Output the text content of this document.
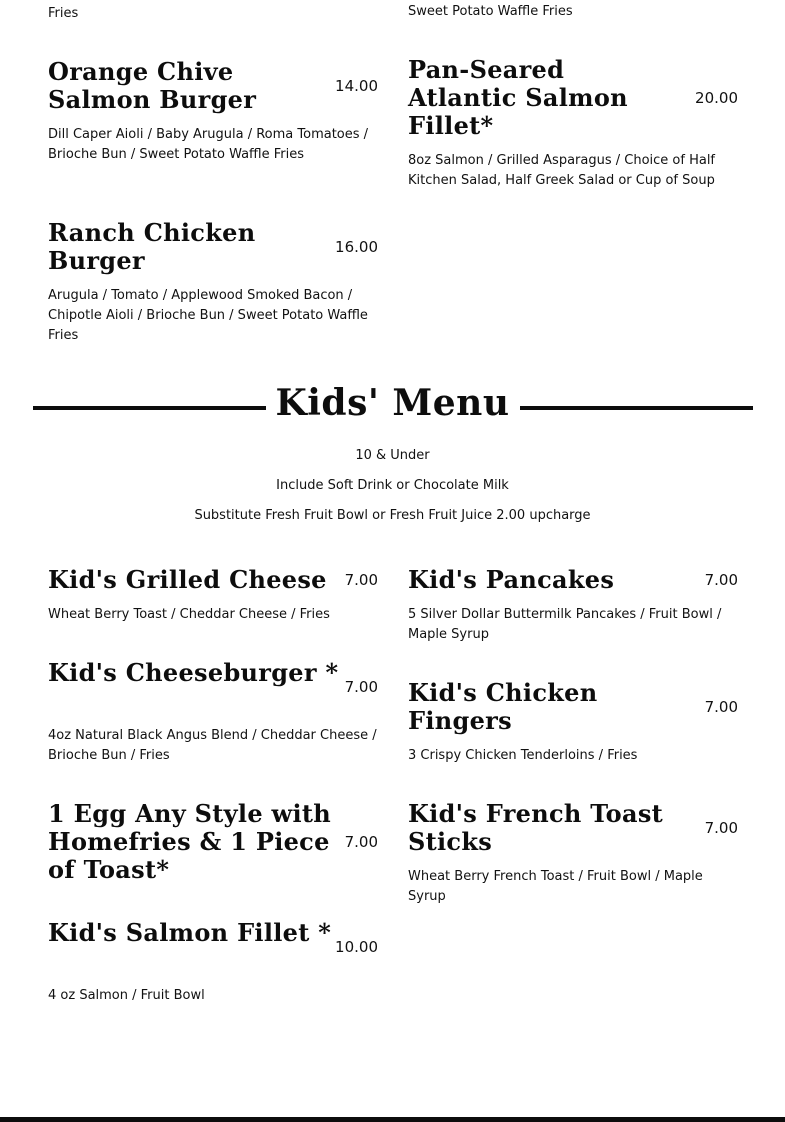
Fries	Sweet Potato Waffle Fries
Orange Chive Salmon Burger	14.00
Dill Caper Aioli / Baby Arugula / Roma Tomatoes / Brioche Bun / Sweet Potato Waffle Fries
Ranch Chicken Burger	16.00
Arugula / Tomato / Applewood Smoked Bacon / Chipotle Aioli / Brioche Bun / Sweet Potato Waffle Fries
Pan-Seared Atlantic Salmon Fillet*
20.00
8oz Salmon / Grilled Asparagus / Choice of Half Kitchen Salad, Half Greek Salad or Cup of Soup
Kids' Menu
10 & Under
Include Soft Drink or Chocolate Milk
Substitute Fresh Fruit Bowl or Fresh Fruit Juice 2.00 upcharge
Kid's Grilled Cheese	7.00
Wheat Berry Toast / Cheddar Cheese / Fries
Kid's Cheeseburger * 7.00
4oz Natural Black Angus Blend / Cheddar Cheese / Brioche Bun / Fries
1 Egg Any Style with Homefries & 1 Piece of Toast*
7.00
Kid's Salmon Fillet * 10.00
4 oz Salmon / Fruit Bowl
Kid's Pancakes	7.00
5 Silver Dollar Buttermilk Pancakes / Fruit Bowl / Maple Syrup
Kid's Chicken Fingers	7.00
3 Crispy Chicken Tenderloins / Fries
Kid's French Toast Sticks	7.00
Wheat Berry French Toast / Fruit Bowl / Maple Syrup
